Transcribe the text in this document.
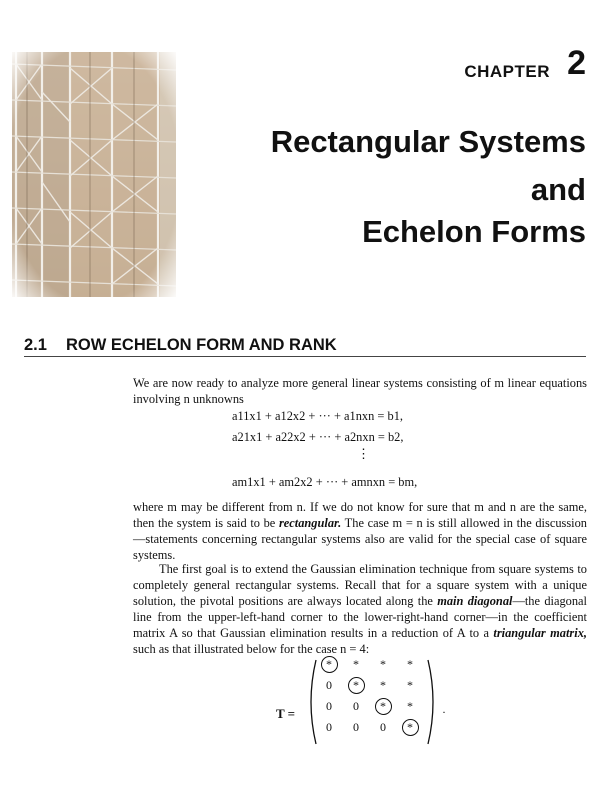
CHAPTER 2
Rectangular Systems
and
Echelon Forms
2.1 ROW ECHELON FORM AND RANK

We are now ready to analyze more general linear systems consisting of m linear equations involving n unknowns

a11x1 + a12x2 + ··· + a1nxn = b1,
a21x1 + a22x2 + ··· + a2nxn = b2,
⋮
am1x1 + am2x2 + ··· + amnxn = bm,

where m may be different from n. If we do not know for sure that m and n are the same, then the system is said to be rectangular. The case m = n is still allowed in the discussion—statements concerning rectangular systems also are valid for the special case of square systems.

The first goal is to extend the Gaussian elimination technique from square systems to completely general rectangular systems. Recall that for a square system with a unique solution, the pivotal positions are always located along the main diagonal—the diagonal line from the upper-left-hand corner to the lower-right-hand corner—in the coefficient matrix A so that Gaussian elimination results in a reduction of A to a triangular matrix, such as that illustrated below for the case n = 4:

T =
*	*	*	*
0	*	*	*
0	0	*	*
0	0	0	*
.
